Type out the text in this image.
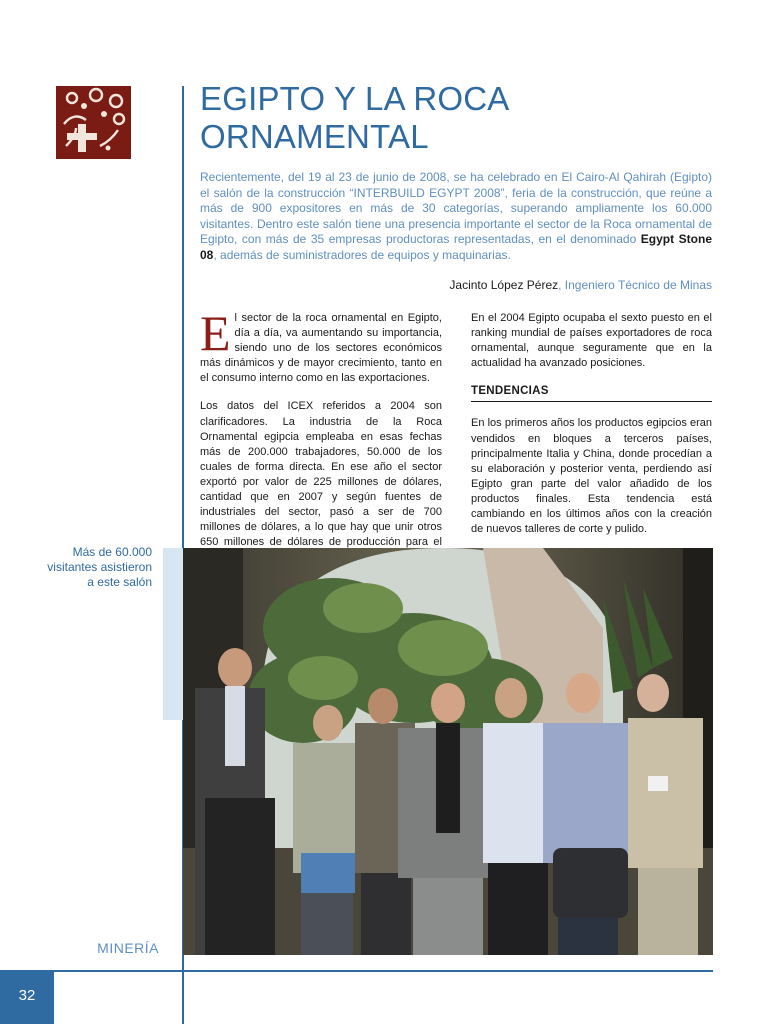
EGIPTO Y LA ROCA
ORNAMENTAL

Recientemente, del 19 al 23 de junio de 2008, se ha celebrado en El Cairo-Al Qahirah (Egipto) el salón de la construcción “INTERBUILD EGYPT 2008”, feria de la construcción, que reúne a más de 900 expositores en más de 30 categorías, superando ampliamente los 60.000 visitantes. Dentro este salón tiene una presencia importante el sector de la Roca ornamental de Egipto, con más de 35 empresas productoras representadas, en el denominado Egypt Stone 08, además de suministradores de equipos y maquinarias.

Jacinto López Pérez, Ingeniero Técnico de Minas

El sector de la roca ornamental en Egipto, día a día, va aumentando su importancia, siendo uno de los sectores económicos más dinámicos y de mayor crecimiento, tanto en el consumo interno como en las exportaciones.

Los datos del ICEX referidos a 2004 son clarificadores. La industria de la Roca Ornamental egipcia empleaba en esas fechas más de 200.000 trabajadores, 50.000 de los cuales de forma directa. En ese año el sector exportó por valor de 225 millones de dólares, cantidad que en 2007 y según fuentes de industriales del sector, pasó a ser de 700 millones de dólares, a lo que hay que unir otros 650 millones de dólares de producción para el

En el 2004 Egipto ocupaba el sexto puesto en el ranking mundial de países exportadores de roca ornamental, aunque seguramente que en la actualidad ha avanzado posiciones.

TENDENCIAS

En los primeros años los productos egipcios eran vendidos en bloques a terceros países, principalmente Italia y China, donde procedían a su elaboración y posterior venta, perdiendo así Egipto gran parte del valor añadido de los productos finales. Esta tendencia está cambiando en los últimos años con la creación de nuevos talleres de corte y pulido.

Más de 60.000
visitantes asistieron
a este salón

MINERÍA

32
